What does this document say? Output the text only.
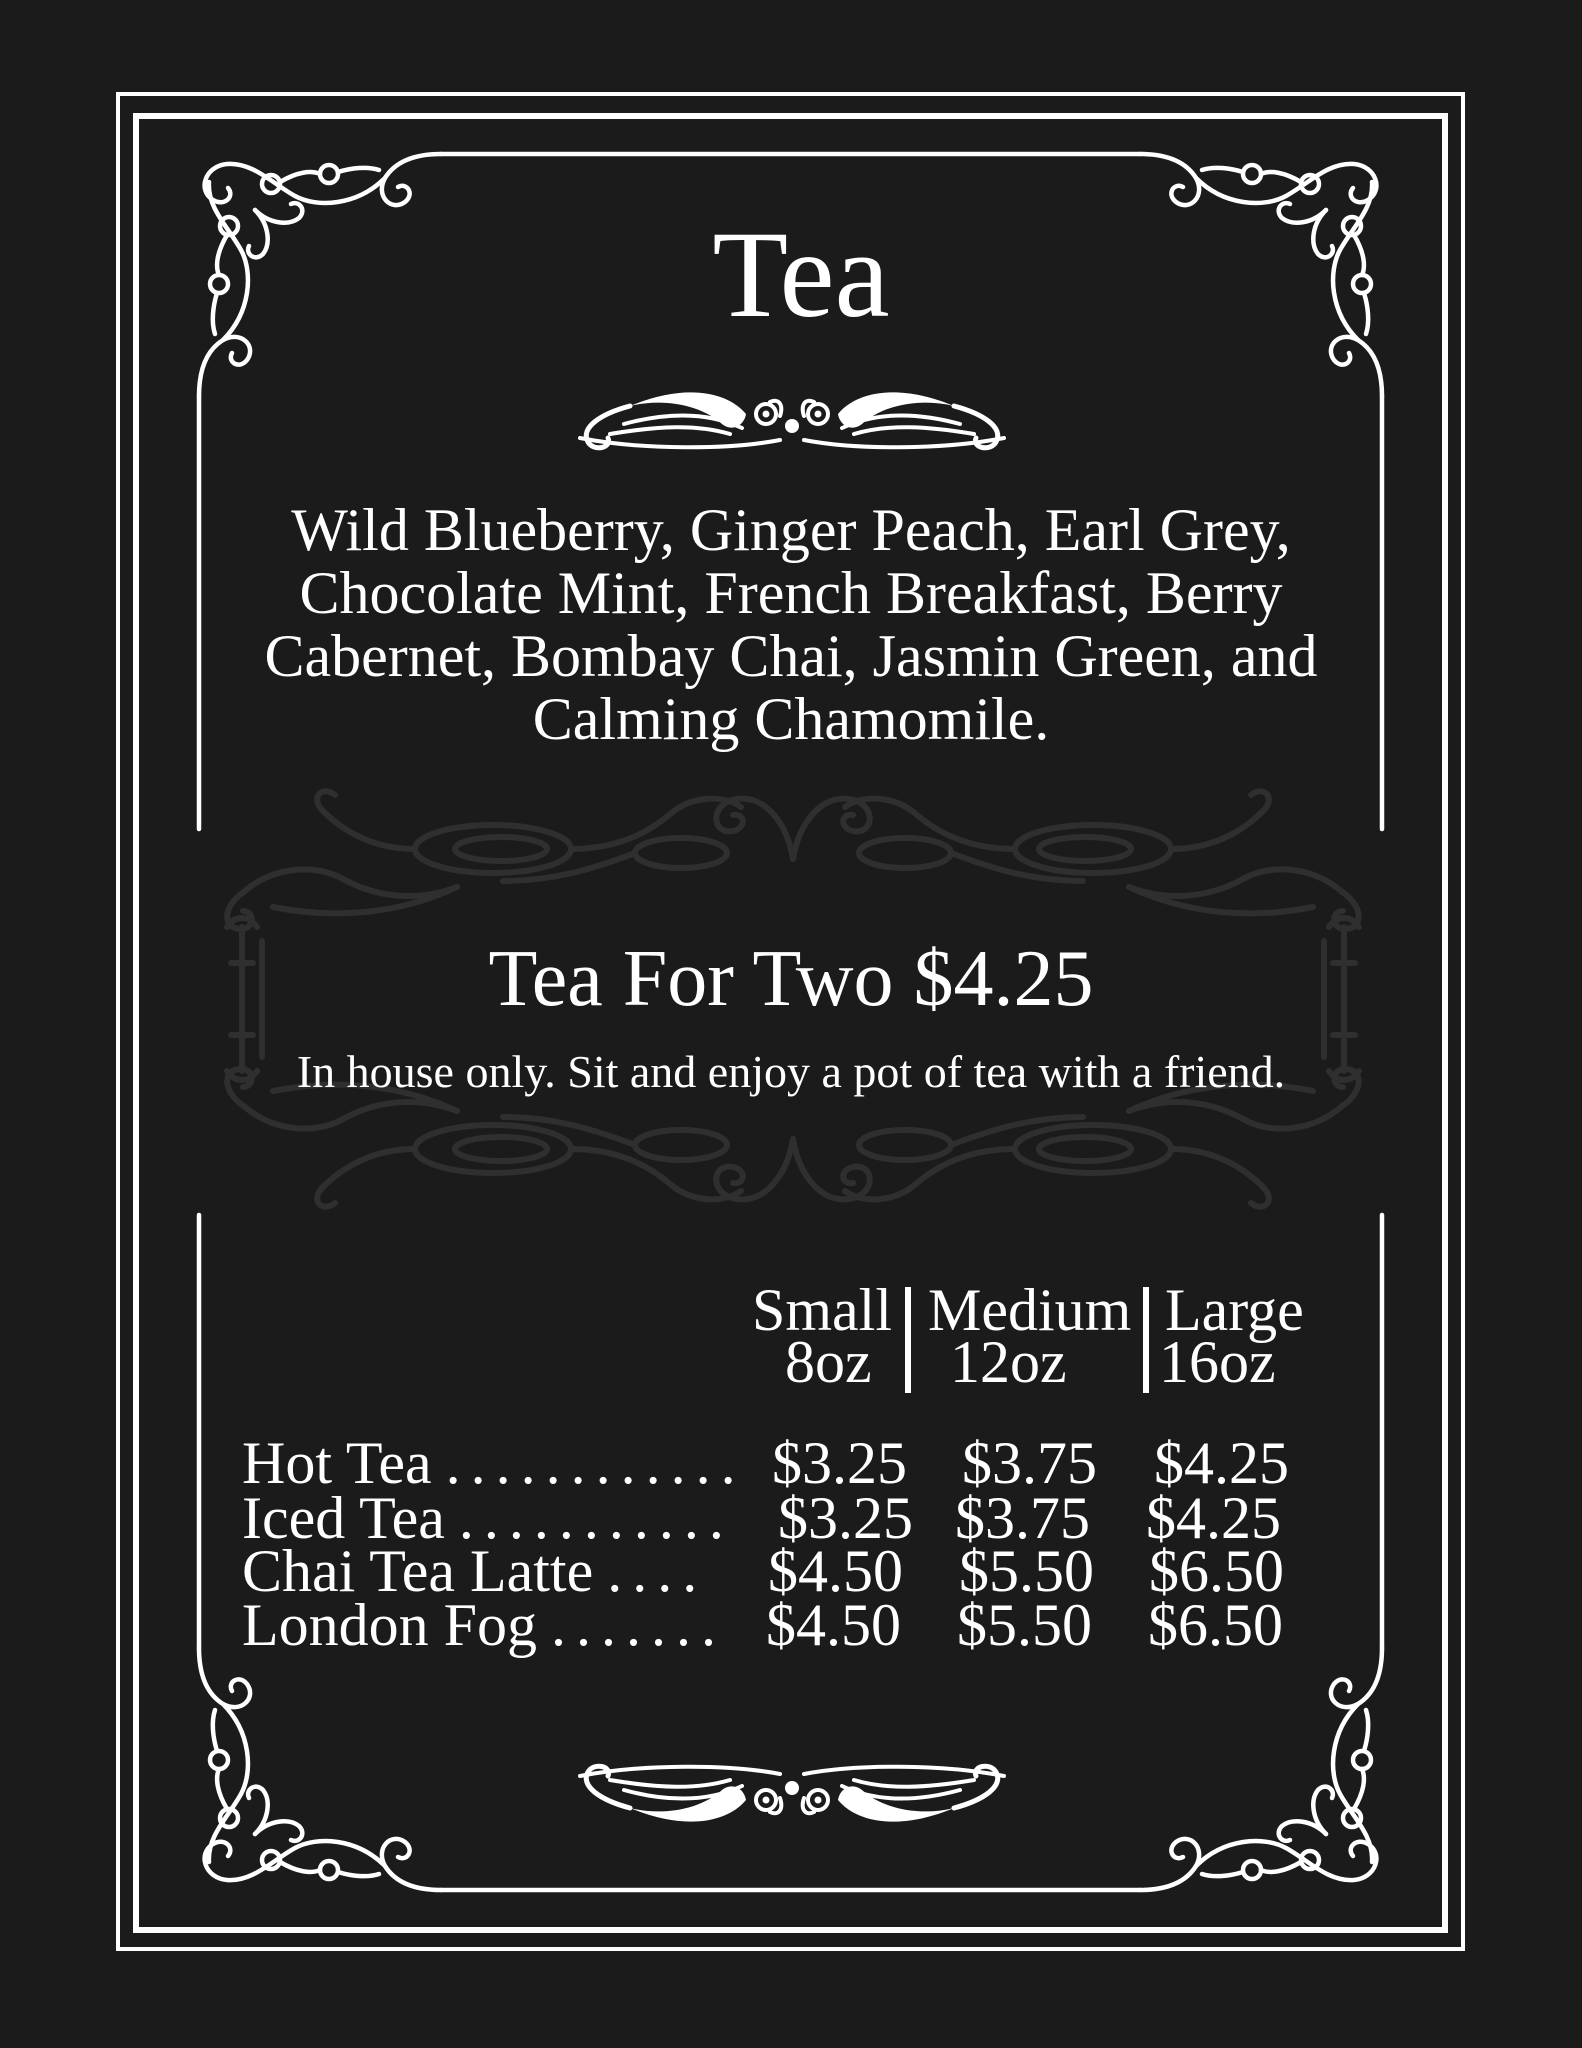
Tea
Wild Blueberry, Ginger Peach, Earl Grey,
Chocolate Mint, French Breakfast, Berry
Cabernet, Bombay Chai, Jasmin Green, and
Calming Chamomile.
Tea For Two $4.25
In house only. Sit and enjoy a pot of tea with a friend.
Small
8oz
Medium
12oz
Large
16oz
Hot Tea . . . . . . . . . . . . $3.25 $3.75 $4.25
Iced Tea . . . . . . . . . . . $3.25 $3.75 $4.25
Chai Tea Latte . . . . $4.50 $5.50 $6.50
London Fog . . . . . . . $4.50 $5.50 $6.50
